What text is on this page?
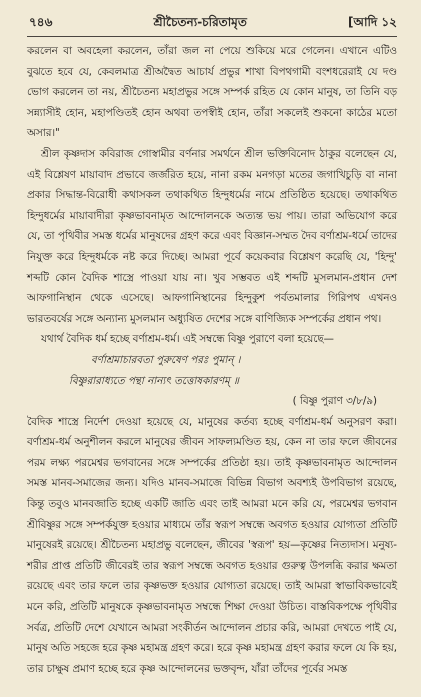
৭৪৬	শ্রীচৈতন্য-চরিতামৃত	[আদি ১২

করলেন বা অবহেলা করলেন, তাঁরা জল না পেয়ে শুকিয়ে মরে গেলেন। এখানে এটিও বুঝতে হবে যে, কেবলমাত্র শ্রীঅদ্বৈত আচার্য প্রভুর শাখা বিপথগামী বংশধরেরাই যে দণ্ড ভোগ করলেন তা নয়, শ্রীচৈতন্য মহাপ্রভুর সঙ্গে সম্পর্ক রহিত যে কোন মানুষ, তা তিনি বড় সন্ন্যাসীই হোন, মহাপণ্ডিতই হোন অথবা তপস্বীই হোন, তাঁরা সকলেই শুকনো কাঠের মতো অসার।"

শ্রীল কৃষ্ণদাস কবিরাজ গোস্বামীর বর্ণনার সমর্থনে শ্রীল ভক্তিবিনোদ ঠাকুর বলেছেন যে, এই বিশ্লেষণ মায়াবাদ প্রভাবে জর্জরিত হয়ে, নানা রকম মনগড়া মতের জগাখিচুড়ি বা নানা প্রকার সিদ্ধান্ত-বিরোধী কথাসকল তথাকথিত হিন্দুধর্মের নামে প্রতিষ্ঠিত হয়েছে। তথাকথিত হিন্দুধর্মের মায়াবাদীরা কৃষ্ণভাবনামৃত আন্দোলনকে অত্যন্ত ভয় পায়। তারা অভিযোগ করে যে, তা পৃথিবীর সমস্ত ধর্মের মানুষদের গ্রহণ করে এবং বিজ্ঞান-সম্মত দৈব বর্ণাশ্রম-ধর্মে তাদের নিযুক্ত করে হিন্দুধর্মকে নষ্ট করে দিচ্ছে। আমরা পূর্বে কয়েকবার বিশ্লেষণ করেছি যে, 'হিন্দু' শব্দটি কোন বৈদিক শাস্ত্রে পাওয়া যায় না। খুব সম্ভবত এই শব্দটি মুসলমান-প্রধান দেশ আফগানিস্থান থেকে এসেছে। আফগানিস্থানের হিন্দুকুশ পর্বতমালার গিরিপথ এখনও ভারতবর্ষের সঙ্গে অন্যান্য মুসলমান অধ্যুষিত দেশের সঙ্গে বাণিজ্যিক সম্পর্কের প্রধান পথ।

যথার্থ বৈদিক ধর্ম হচ্ছে বর্ণাশ্রম-ধর্ম। এই সম্বন্ধে বিষ্ণু পুরাণে বলা হয়েছে—

বর্ণাশ্রমাচারবতা পুরুষেণ পরঃ পুমান্ ।
বিষ্ণুরারাধ্যতে পন্থা নান্যৎ তত্তোষকারণম্ ॥
( বিষ্ণু পুরাণ ৩/৮/৯)

বৈদিক শাস্ত্রে নির্দেশ দেওয়া হয়েছে যে, মানুষের কর্তব্য হচ্ছে বর্ণাশ্রম-ধর্ম অনুসরণ করা। বর্ণাশ্রম-ধর্ম অনুশীলন করলে মানুষের জীবন সাফল্যমণ্ডিত হয়, কেন না তার ফলে জীবনের পরম লক্ষ্য পরমেশ্বর ভগবানের সঙ্গে সম্পর্কের প্রতিষ্ঠা হয়। তাই কৃষ্ণভাবনামৃত আন্দোলন সমস্ত মানব-সমাজের জন্য। যদিও মানব-সমাজে বিভিন্ন বিভাগ অবশ্যই উপবিভাগ রয়েছে, কিন্তু তবুও মানবজাতি হচ্ছে একটি জাতি এবং তাই আমরা মনে করি যে, পরমেশ্বর ভগবান শ্রীবিষ্ণুর সঙ্গে সম্পর্কযুক্ত হওয়ার মাধ্যমে তাঁর স্বরূপ সম্বন্ধে অবগত হওয়ার যোগ্যতা প্রতিটি মানুষেরই রয়েছে। শ্রীচৈতন্য মহাপ্রভু বলেছেন, জীবের 'স্বরূপ' হয়—কৃষ্ণের নিত্যদাস। মনুষ্য-শরীর প্রাপ্ত প্রতিটি জীবেরই তার স্বরূপ সম্বন্ধে অবগত হওয়ার গুরুত্ব উপলব্ধি করার ক্ষমতা রয়েছে এবং তার ফলে তার কৃষ্ণভক্ত হওয়ার যোগ্যতা রয়েছে। তাই আমরা স্বাভাবিকভাবেই মনে করি, প্রতিটি মানুষকে কৃষ্ণভাবনামৃত সম্বন্ধে শিক্ষা দেওয়া উচিত। বাস্তবিকপক্ষে পৃথিবীর সর্বত্র, প্রতিটি দেশে যেখানে আমরা সংকীর্তন আন্দোলন প্রচার করি, আমরা দেখতে পাই যে, মানুষ অতি সহজে হরে কৃষ্ণ মহামন্ত্র গ্রহণ করে। হরে কৃষ্ণ মহামন্ত্র গ্রহণ করার ফলে যে কি হয়, তার চাক্ষুষ প্রমাণ হচ্ছে হরে কৃষ্ণ আন্দোলনের ভক্তবৃন্দ, যাঁরা তাঁদের পূর্বের সমস্ত
